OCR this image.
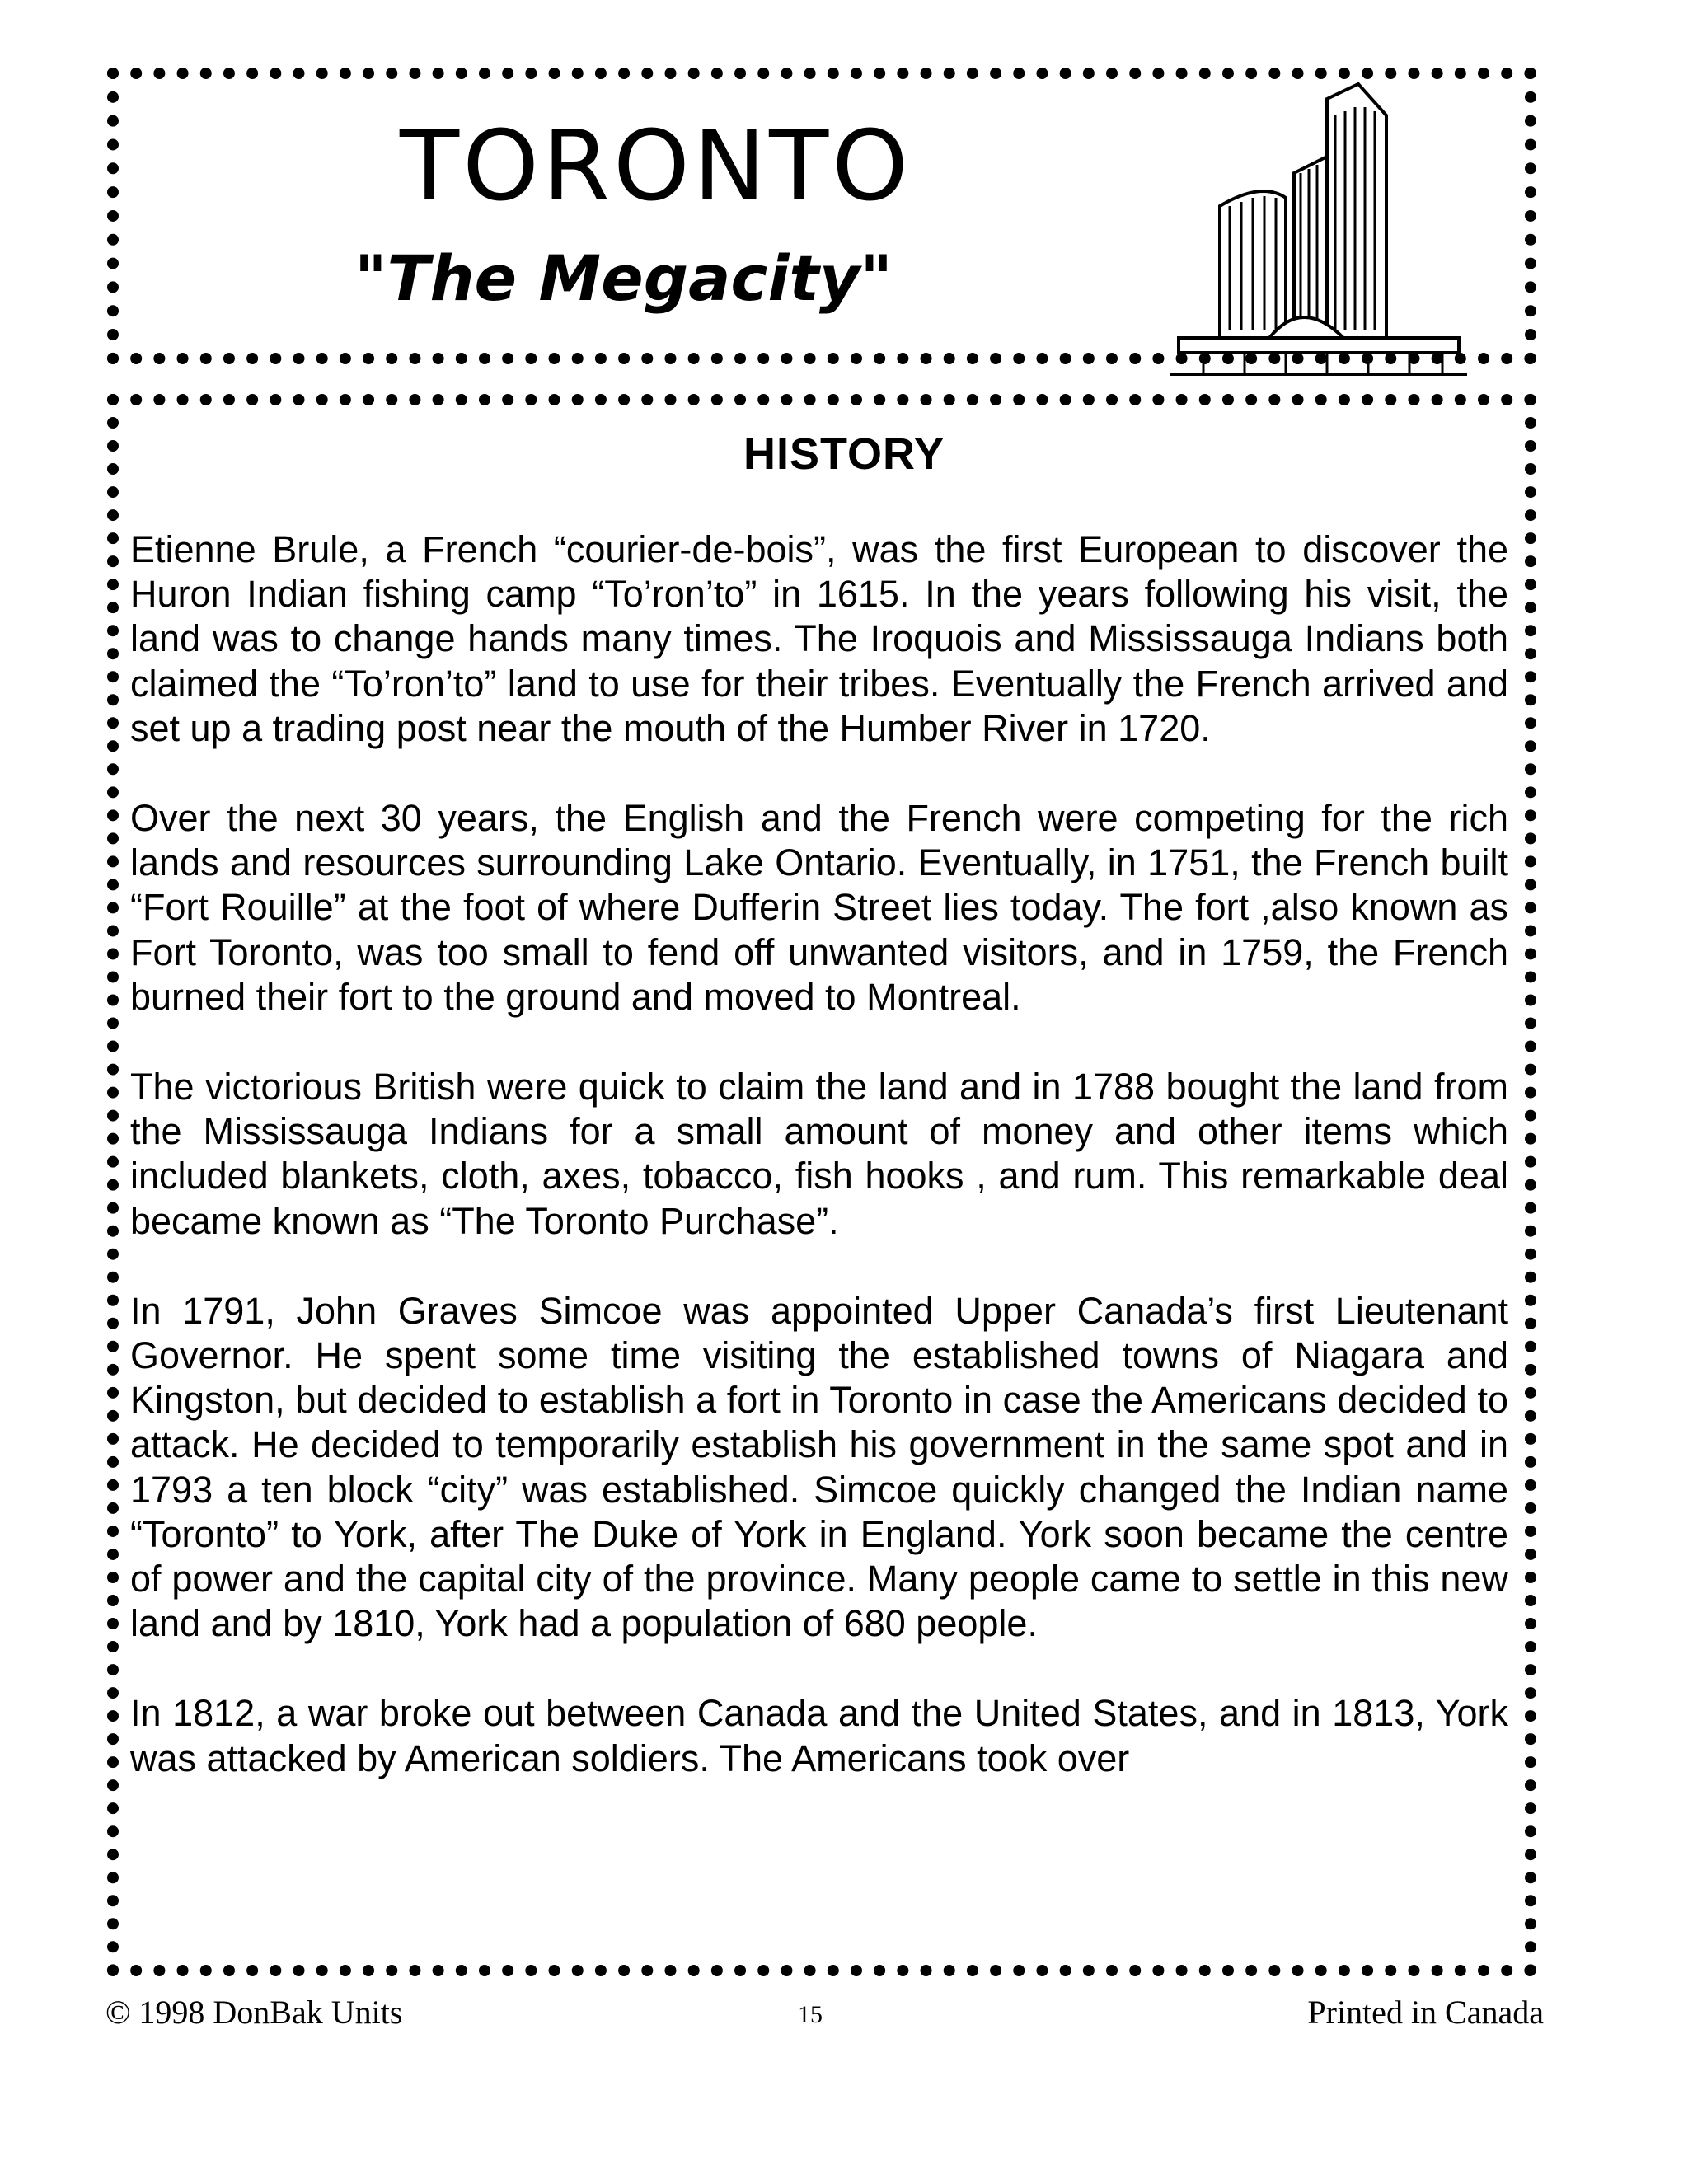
TORONTO
"The Megacity"
HISTORY

Etienne Brule, a French “courier-de-bois”, was the first European to discover the Huron Indian fishing camp “To’ron’to” in 1615. In the years following his visit, the land was to change hands many times. The Iroquois and Mississauga Indians both claimed the “To’ron’to” land to use for their tribes. Eventually the French arrived and set up a trading post near the mouth of the Humber River in 1720.

Over the next 30 years, the English and the French were competing for the rich lands and resources surrounding Lake Ontario. Eventually, in 1751, the French built “Fort Rouille” at the foot of where Dufferin Street lies today. The fort ,also known as Fort Toronto, was too small to fend off unwanted visitors, and in 1759, the French burned their fort to the ground and moved to Montreal.

The victorious British were quick to claim the land and in 1788 bought the land from the Mississauga Indians for a small amount of money and other items which included blankets, cloth, axes, tobacco, fish hooks , and rum. This remarkable deal became known as “The Toronto Purchase”.

In 1791, John Graves Simcoe was appointed Upper Canada’s first Lieutenant Governor. He spent some time visiting the established towns of Niagara and Kingston, but decided to establish a fort in Toronto in case the Americans decided to attack. He decided to temporarily establish his government in the same spot and in 1793 a ten block “city” was established. Simcoe quickly changed the Indian name “Toronto” to York, after The Duke of York in England. York soon became the centre of power and the capital city of the province. Many people came to settle in this new land and by 1810, York had a population of 680 people.

In 1812, a war broke out between Canada and the United States, and in 1813, York was attacked by American soldiers. The Americans took over

© 1998 DonBak Units	15	Printed in Canada
